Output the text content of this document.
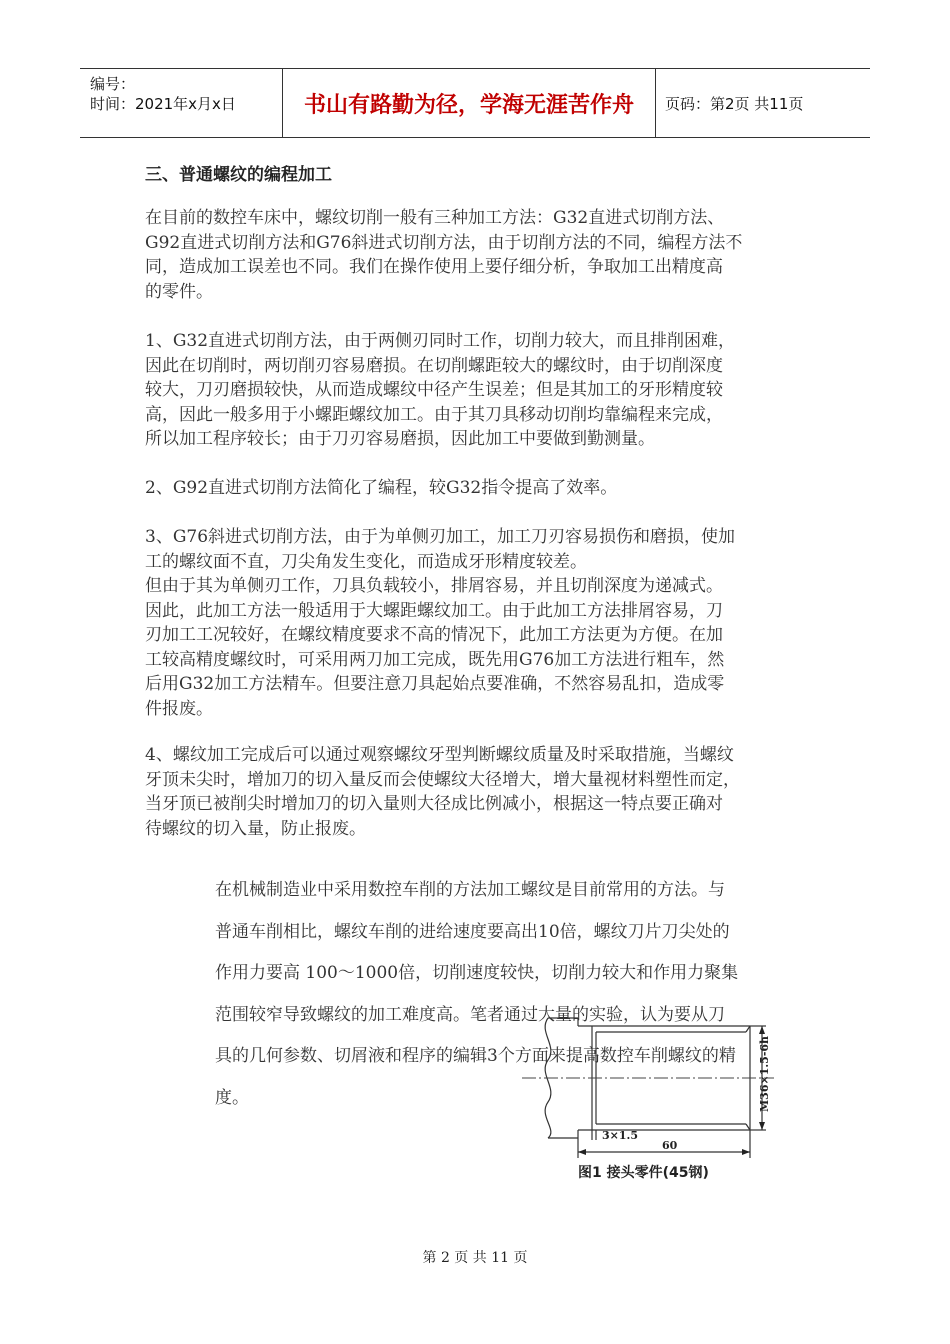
编号：
时间：2021年x月x日	书山有路勤为径，学海无涯苦作舟	页码：第2页 共11页
三、普通螺纹的编程加工

在目前的数控车床中，螺纹切削一般有三种加工方法：G32直进式切削方法、

G92直进式切削方法和G76斜进式切削方法，由于切削方法的不同，编程方法不

同，造成加工误差也不同。我们在操作使用上要仔细分析，争取加工出精度高

的零件。

1、G32直进式切削方法，由于两侧刃同时工作，切削力较大，而且排削困难，

因此在切削时，两切削刃容易磨损。在切削螺距较大的螺纹时，由于切削深度

较大，刀刃磨损较快，从而造成螺纹中径产生误差；但是其加工的牙形精度较

高，因此一般多用于小螺距螺纹加工。由于其刀具移动切削均靠编程来完成，

所以加工程序较长；由于刀刃容易磨损，因此加工中要做到勤测量。

2、G92直进式切削方法简化了编程，较G32指令提高了效率。

3、G76斜进式切削方法，由于为单侧刃加工，加工刀刃容易损伤和磨损，使加

工的螺纹面不直，刀尖角发生变化，而造成牙形精度较差。

但由于其为单侧刃工作，刀具负载较小，排屑容易，并且切削深度为递减式。

因此，此加工方法一般适用于大螺距螺纹加工。由于此加工方法排屑容易，刀

刃加工工况较好，在螺纹精度要求不高的情况下，此加工方法更为方便。在加

工较高精度螺纹时，可采用两刀加工完成，既先用G76加工方法进行粗车，然

后用G32加工方法精车。但要注意刀具起始点要准确，不然容易乱扣，造成零

件报废。

4、螺纹加工完成后可以通过观察螺纹牙型判断螺纹质量及时采取措施，当螺纹

牙顶未尖时，增加刀的切入量反而会使螺纹大径增大，增大量视材料塑性而定，

当牙顶已被削尖时增加刀的切入量则大径成比例减小，根据这一特点要正确对

待螺纹的切入量，防止报废。

在机械制造业中采用数控车削的方法加工螺纹是目前常用的方法。与

普通车削相比，螺纹车削的进给速度要高出10倍，螺纹刀片刀尖处的

作用力要高 100～1000倍，切削速度较快，切削力较大和作用力聚集

范围较窄导致螺纹的加工难度高。笔者通过大量的实验，认为要从刀

具的几何参数、切屑液和程序的编辑3个方面来提高数控车削螺纹的精

度。	M36×1.5-6h
3×1.5
60
图1 接头零件(45钢)
第 2 页 共 11 页
